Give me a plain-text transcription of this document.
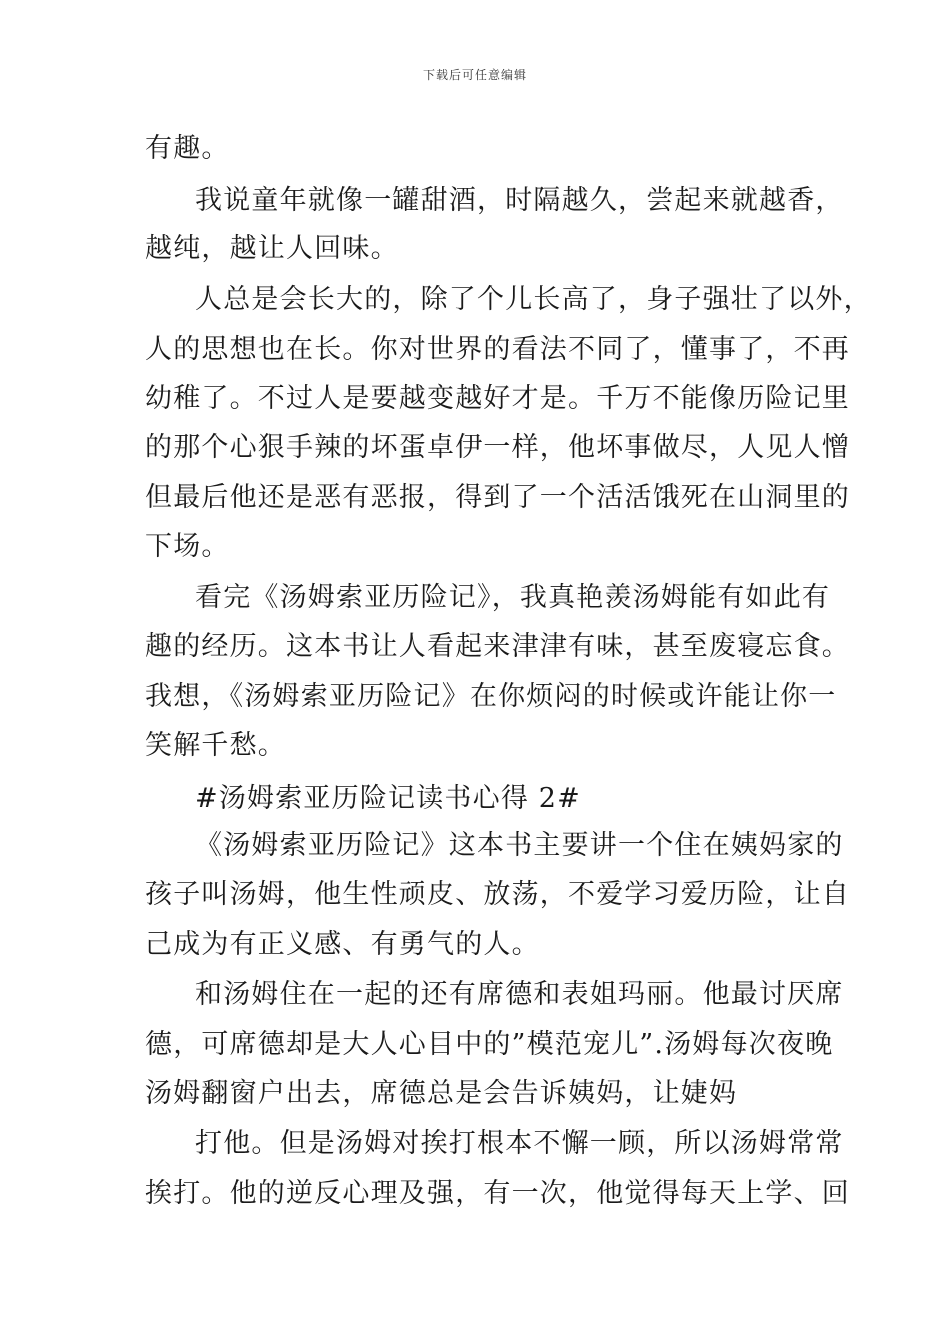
下载后可任意编辑
有趣。
我说童年就像一罐甜酒，时隔越久，尝起来就越香，
越纯，越让人回味。
人总是会长大的，除了个儿长高了，身子强壮了以外，
人的思想也在长。你对世界的看法不同了，懂事了，不再
幼稚了。不过人是要越变越好才是。千万不能像历险记里
的那个心狠手辣的坏蛋卓伊一样，他坏事做尽，人见人憎
但最后他还是恶有恶报，得到了一个活活饿死在山洞里的
下场。
看完《汤姆索亚历险记》，我真艳羡汤姆能有如此有
趣的经历。这本书让人看起来津津有味，甚至废寝忘食。
我想，《汤姆索亚历险记》在你烦闷的时候或许能让你一
笑解千愁。
#汤姆索亚历险记读书心得 2#
《汤姆索亚历险记》这本书主要讲一个住在姨妈家的
孩子叫汤姆，他生性顽皮、放荡，不爱学习爱历险，让自
己成为有正义感、有勇气的人。
和汤姆住在一起的还有席德和表姐玛丽。他最讨厌席
德，可席德却是大人心目中的”模范宠儿”.汤姆每次夜晚
汤姆翻窗户出去，席德总是会告诉姨妈，让婕妈
打他。但是汤姆对挨打根本不懈一顾，所以汤姆常常
挨打。他的逆反心理及强，有一次，他觉得每天上学、回
